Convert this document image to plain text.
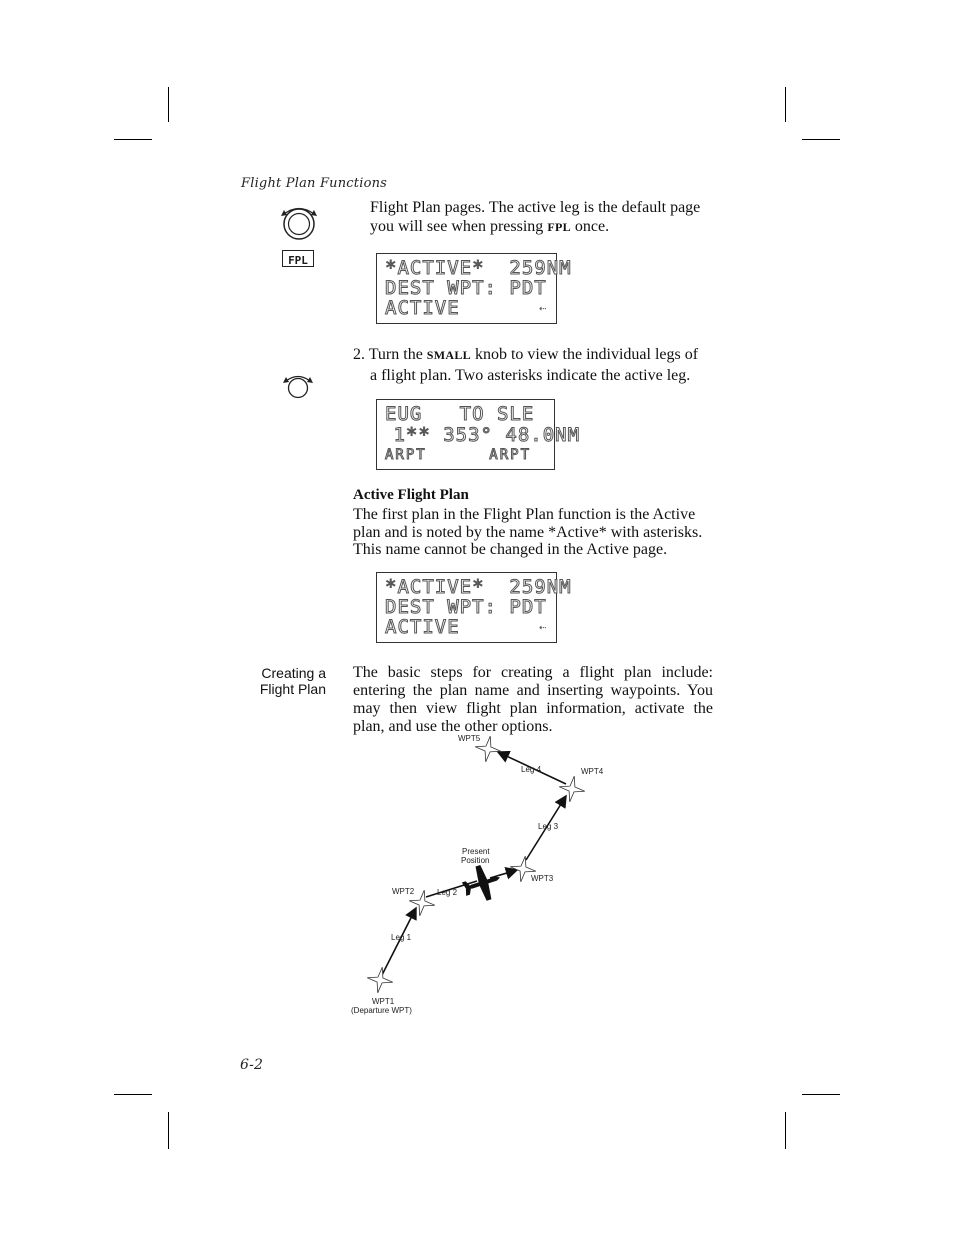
Flight Plan Functions
FPL
Flight Plan pages. The active leg is the default page
you will see when pressing FPL once.
*ACTIVE*  259NM
DEST WPT: PDT
ACTIVE	⇠
2. Turn the SMALL knob to view the individual legs of
a flight plan. Two asterisks indicate the active leg.
EUG   TO SLE
1** 353° 48.0NM
ARPT      ARPT
Active Flight Plan
The first plan in the Flight Plan function is the Active
plan and is noted by the name *Active* with asterisks.
This name cannot be changed in the Active page.
*ACTIVE*  259NM
DEST WPT: PDT
ACTIVE	⇠
Creating a
Flight Plan
The basic steps for creating a flight plan include:
entering the plan name and inserting waypoints. You
may then view flight plan information, activate the
plan, and use the other options.
WPT5
WPT4
Leg 4
Leg 3
Present
Position
WPT3
WPT2	Leg 2
Leg 1
WPT1
(Departure WPT)
6-2
